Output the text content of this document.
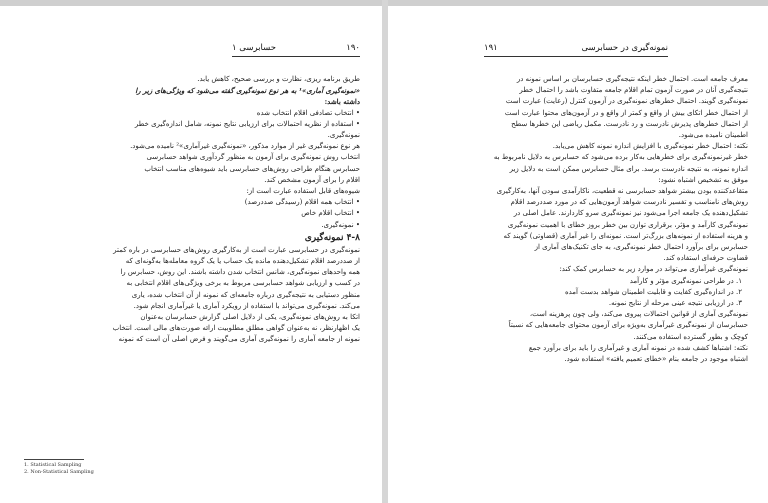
حسابرسی ۱	۱۹۰

طریق برنامه ریزی، نظارت و بررسی صحیح، کاهش یابد.

«نمونه‌گیری آماری»¹ به هر نوع نمونه‌گیری گفته می‌شود که ویژگی‌های زیر را

داشته باشد:

• انتخاب تصادفی اقلام انتخاب شده

• استفاده از نظریه احتمالات برای ارزیابی نتایج نمونه، شامل اندازه‌گیری خطر

نمونه‌گیری.

هر نوع نمونه‌گیری غیر از موارد مذکور، «نمونه‌گیری غیرآماری»² نامیده می‌شود.

انتخاب روش نمونه‌گیری برای آزمون به منظور گردآوری شواهد حسابرسی

حسابرس هنگام طراحی روش‌های حسابرسی باید شیوه‌های مناسب انتخاب

اقلام را برای آزمون مشخص کند.

شیوه‌های قابل استفاده عبارت است از:

• انتخاب همه اقلام (رسیدگی صددرصد)

• انتخاب اقلام خاص

• نمونه‌گیری.

۴-۸ نمونه‌گیری

نمونه‌گیری در حسابرسی عبارت است از به‌کارگیری روش‌های حسابرسی در باره کمتر

از صددرصد اقلام تشکیل‌دهنده مانده یک حساب یا یک گروه معامله‌ها به‌گونه‌ای که

همه واحدهای نمونه‌گیری، شانس انتخاب شدن داشته باشند. این روش، حسابرس را

در کسب و ارزیابی شواهد حسابرسی مربوط به برخی ویژگی‌های اقلام انتخابی به

منظور دستیابی به نتیجه‌گیری درباره جامعه‌ای که نمونه از آن انتخاب شده، یاری

می‌کند. نمونه‌گیری می‌تواند با استفاده از رویکرد آماری یا غیرآماری انجام شود.

اتکا به روش‌های نمونه‌گیری، یکی از دلایل اصلی گزارش حسابرسان به‌عنوان

یک اظهارنظر، نه به‌عنوان گواهی مطلق مطلوبیت ارائه صورت‌های مالی است. انتخاب

نمونه از جامعه آماری را نمونه‌گیری آماری می‌گویند و فرض اصلی آن است که نمونه

1. Statistical Sampling
2. Non-Statistical Sampling
۱۹۱	نمونه‌گیری در حسابرسی

معرف جامعه است. احتمال خطر اینکه نتیجه‌گیری حسابرسان بر اساس نمونه در

نتیجه‌گیری آنان در صورت آزمون تمام اقلام جامعه متفاوت باشد را احتمال خطر

نمونه‌گیری گویند. احتمال خطرهای نمونه‌گیری در آزمون کنترل (رعایت) عبارت است

از احتمال خطر اتکای بیش از واقع و کمتر از واقع و در آزمون‌های محتوا عبارت است

از احتمال خطرهای پذیرش نادرست و رد نادرست. مکمل ریاضی این خطرها سطح

اطمینان نامیده می‌شود.

نکته: احتمال خطر نمونه‌گیری با افزایش اندازه نمونه کاهش می‌یابد.

خطر غیرنمونه‌گیری برای خطرهایی به‌کار برده می‌شود که حسابرس به دلایل نامربوط به

اندازه نمونه، به نتیجه نادرست برسد. برای مثال حسابرس ممکن است به دلایل زیر

موفق به تشخیص اشتباه نشود:

متقاعدکننده بودن بیشتر شواهد حسابرسی نه قطعیت، ناکارآمدی سودن آنها، به‌کارگیری

روش‌های نامناسب و تفسیر نادرست شواهد آزمون‌هایی که در مورد صددرصد اقلام

تشکیل‌دهنده یک جامعه اجرا می‌شود نیز نمونه‌گیری سرو کاردارند. عامل اصلی در

نمونه‌گیری کارآمد و مؤثر، برقراری توازن بین خطر بروز خطای با اهمیت نمونه‌گیری

و هزینه استفاده از نمونه‌های بزرگ‌تر است. نمونه‌ای را غیر آماری (قضاوتی) گویند که

حسابرس برای برآورد احتمال خطر نمونه‌گیری، به جای تکنیک‌های آماری از

قضاوت حرفه‌ای استفاده کند.

نمونه‌گیری غیرآماری می‌تواند در موارد زیر به حسابرس کمک کند:

۱. در طراحی نمونه‌گیری مؤثر و کارآمد

۲. در اندازه‌گیری کفایت و قابلیت اطمینان شواهد بدست آمده

۳. در ارزیابی نتیجه عینی مرحله از نتایج نمونه.

نمونه‌گیری آماری از قوانین احتمالات پیروی می‌کند، ولی چون پرهزینه است،

حسابرسان از نمونه‌گیری غیرآماری به‌ویژه برای آزمون محتوای جامعه‌هایی که نسبتاً

کوچک و بطور گسترده استفاده می‌کنند.

نکته: اشتباها کشف شده در نمونه آماری و غیرآماری را باید برای برآورد جمع

اشتباه موجود در جامعه بنام «خطای تعمیم یافته» استفاده شود.
